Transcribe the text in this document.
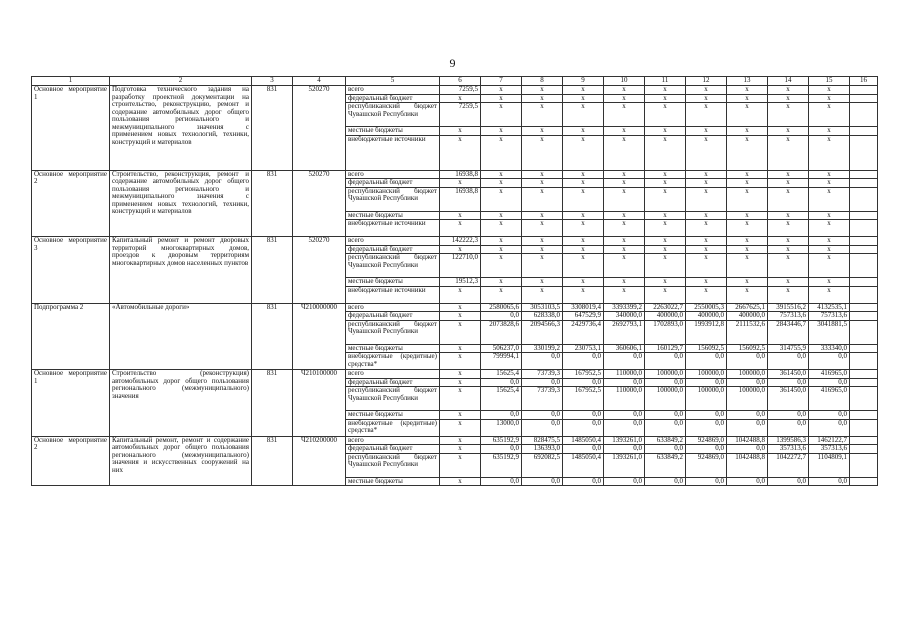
9
1	2	3	4	5	6	7	8	9	10	11	12	13	14	15	16
Основное мероприятие 1	Подготовка технического задания на разработку проектной документации на строительство, реконструкцию, ремонт и содержание автомобильных дорог общего пользования регионального и межмуниципального значения с применением новых технологий, техники, конструкций и материалов	831	520270	всего	7259,5	x	x	x	x	x	x	x	x	x	
				федеральный бюджет	x	x	x	x	x	x	x	x	x	x	
				республиканский бюджет Чувашской Республики	7259,5	x	x	x	x	x	x	x	x	x	
				местные бюджеты	x	x	x	x	x	x	x	x	x	x	
				внебюджетные источники	x	x	x	x	x	x	x	x	x	x	
Основное мероприятие 2	Строительство, реконструкция, ремонт и содержание автомобильных дорог общего пользования регионального и межмуниципального значения с применением новых технологий, техники, конструкций и материалов	831	520270	всего	16938,8	x	x	x	x	x	x	x	x	x	
				федеральный бюджет	x	x	x	x	x	x	x	x	x	x	
				республиканский бюджет Чувашской Республики	16938,8	x	x	x	x	x	x	x	x	x	
				местные бюджеты	x	x	x	x	x	x	x	x	x	x	
				внебюджетные источники	x	x	x	x	x	x	x	x	x	x	
Основное мероприятие 3	Капитальный ремонт и ремонт дворовых территорий многоквартирных домов, проездов к дворовым территориям многоквартирных домов населенных пунктов	831	520270	всего	142222,3	x	x	x	x	x	x	x	x	x	
				федеральный бюджет	x	x	x	x	x	x	x	x	x	x	
				республиканский бюджет Чувашской Республики	122710,0	x	x	x	x	x	x	x	x	x	
				местные бюджеты	19512,3	x	x	x	x	x	x	x	x	x	
				внебюджетные источники	x	x	x	x	x	x	x	x	x	x	
Подпрограмма 2	«Автомобильные дороги»	831	Ч210000000	всего	x	2580065,6	3053103,5	3308019,4	3393399,2	2263022,7	2550005,3	2667625,1	3915516,2	4132535,1	
				федеральный бюджет	x	0,0	628338,0	647529,9	340000,0	400000,0	400000,0	400000,0	757313,6	757313,6	
				республиканский бюджет Чувашской Республики	x	2073828,6	2094566,3	2429736,4	2692793,1	1702893,0	1993912,8	2111532,6	2843446,7	3041881,5	
				местные бюджеты	x	506237,0	330199,2	230753,1	360606,1	160129,7	156092,5	156092,5	314755,9	333340,0	
				внебюджетные (кредитные) средства*	x	799994,1	0,0	0,0	0,0	0,0	0,0	0,0	0,0	0,0	
Основное мероприятие 1	Строительство (реконструкция) автомобильных дорог общего пользования регионального (межмуниципального) значения	831	Ч210100000	всего	x	15625,4	73739,3	167952,5	110000,0	100000,0	100000,0	100000,0	361450,0	416965,0	
				федеральный бюджет	x	0,0	0,0	0,0	0,0	0,0	0,0	0,0	0,0	0,0	
				республиканский бюджет Чувашской Республики	x	15625,4	73739,3	167952,5	110000,0	100000,0	100000,0	100000,0	361450,0	416965,0	
				местные бюджеты	x	0,0	0,0	0,0	0,0	0,0	0,0	0,0	0,0	0,0	
				внебюджетные (кредитные) средства*	x	13000,0	0,0	0,0	0,0	0,0	0,0	0,0	0,0	0,0	
Основное мероприятие 2	Капитальный ремонт, ремонт и содержание автомобильных дорог общего пользования регионального (межмуниципального) значения и искусственных сооружений на них	831	Ч210200000	всего	x	635192,9	828475,5	1485050,4	1393261,0	633849,2	924869,0	1042488,8	1399586,3	1462122,7	
				федеральный бюджет	x	0,0	136393,0	0,0	0,0	0,0	0,0	0,0	357313,6	357313,6	
				республиканский бюджет Чувашской Республики	x	635192,9	692082,5	1485050,4	1393261,0	633849,2	924869,0	1042488,8	1042272,7	1104809,1	
				местные бюджеты	x	0,0	0,0	0,0	0,0	0,0	0,0	0,0	0,0	0,0	
